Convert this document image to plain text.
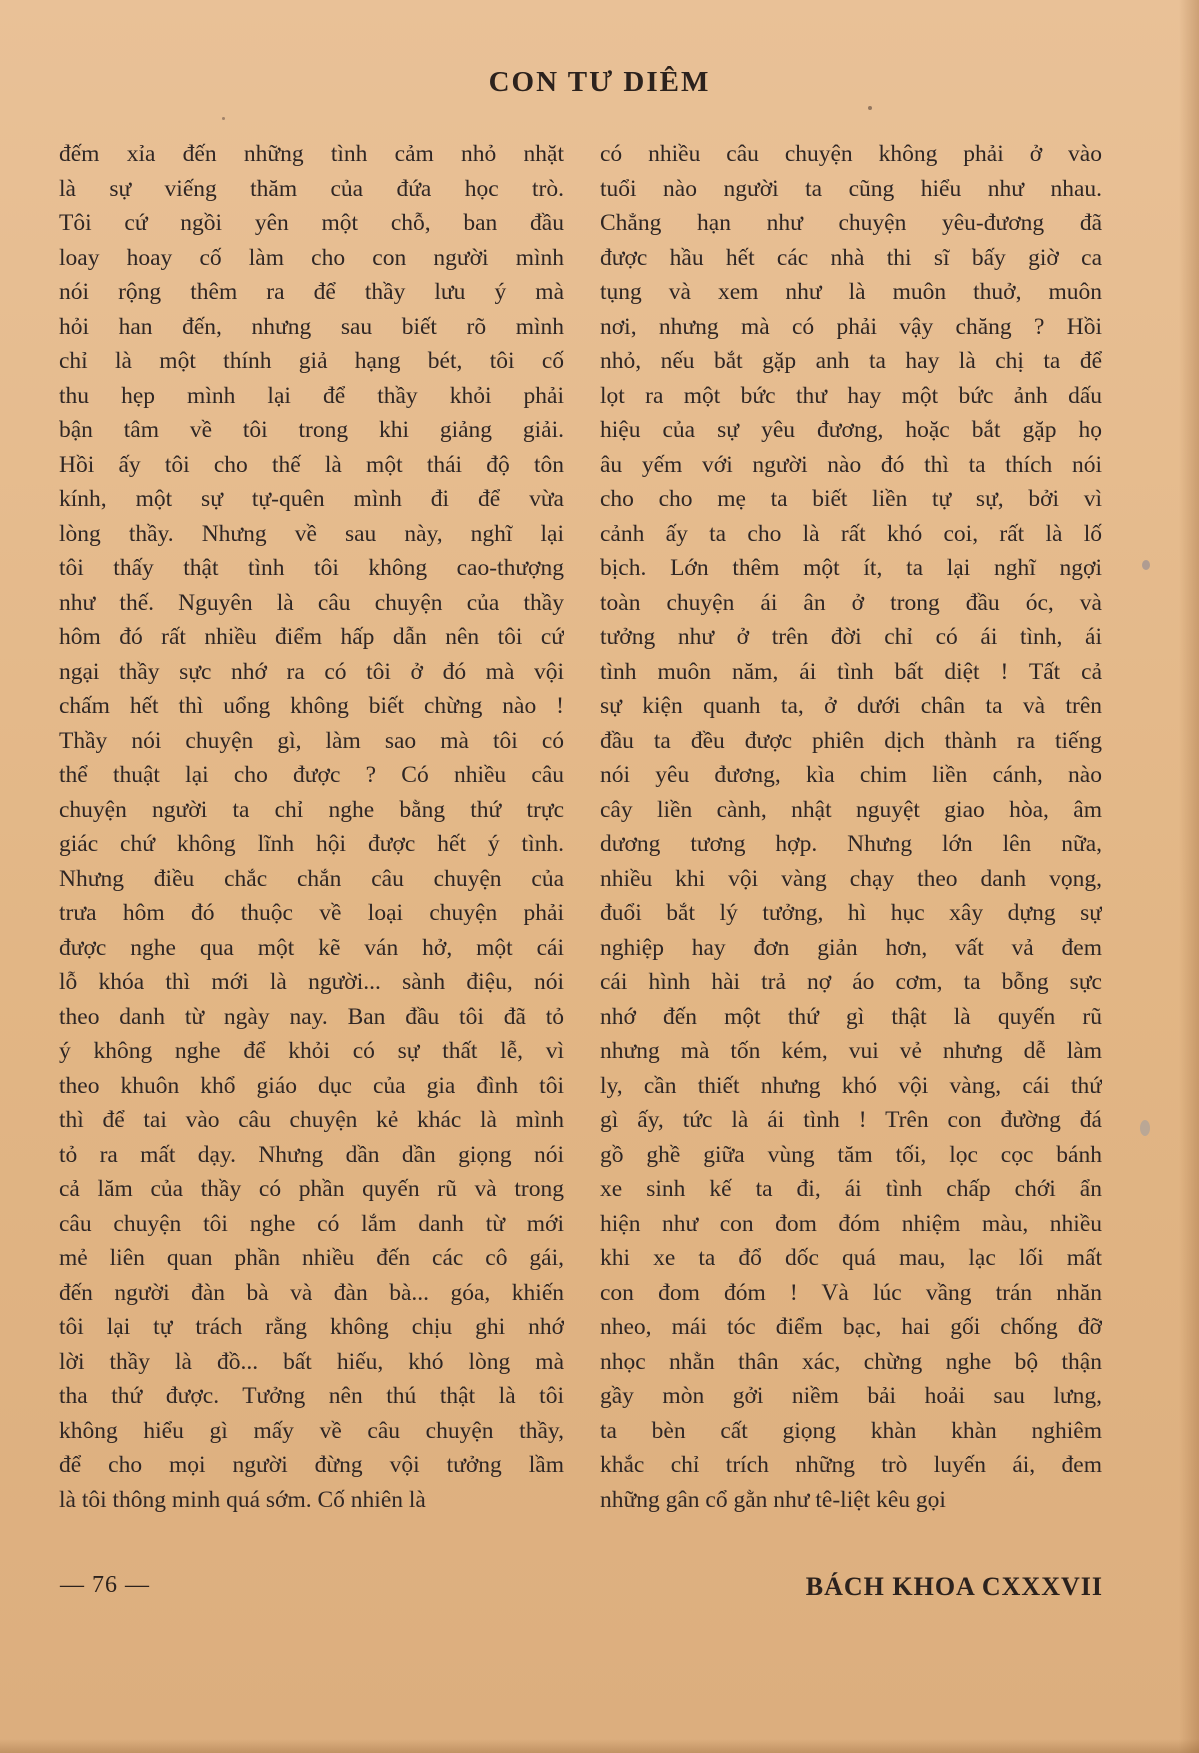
CON TƯ DIÊM
đếm xỉa đến những tình cảm nhỏ nhặt
là sự viếng thăm của đứa học trò.
Tôi cứ ngồi yên một chỗ, ban đầu
loay hoay cố làm cho con người mình
nói rộng thêm ra để thầy lưu ý mà
hỏi han đến, nhưng sau biết rõ mình
chỉ là một thính giả hạng bét, tôi cố
thu hẹp mình lại để thầy khỏi phải
bận tâm về tôi trong khi giảng giải.
Hồi ấy tôi cho thế là một thái độ tôn
kính, một sự tự-quên mình đi để vừa
lòng thầy. Nhưng về sau này, nghĩ lại
tôi thấy thật tình tôi không cao-thượng
như thế. Nguyên là câu chuyện của thầy
hôm đó rất nhiều điểm hấp dẫn nên tôi cứ
ngại thầy sực nhớ ra có tôi ở đó mà vội
chấm hết thì uổng không biết chừng nào !
Thầy nói chuyện gì, làm sao mà tôi có
thể thuật lại cho được ? Có nhiều câu
chuyện người ta chỉ nghe bằng thứ trực
giác chứ không lĩnh hội được hết ý tình.
Nhưng điều chắc chắn câu chuyện của
trưa hôm đó thuộc về loại chuyện phải
được nghe qua một kẽ ván hở, một cái
lỗ khóa thì mới là người... sành điệu, nói
theo danh từ ngày nay. Ban đầu tôi đã tỏ
ý không nghe để khỏi có sự thất lễ, vì
theo khuôn khổ giáo dục của gia đình tôi
thì để tai vào câu chuyện kẻ khác là mình
tỏ ra mất dạy. Nhưng dần dần giọng nói
cả lăm của thầy có phần quyến rũ và trong
câu chuyện tôi nghe có lắm danh từ mới
mẻ liên quan phần nhiều đến các cô gái,
đến người đàn bà và đàn bà... góa, khiến
tôi lại tự trách rằng không chịu ghi nhớ
lời thầy là đồ... bất hiếu, khó lòng mà
tha thứ được. Tưởng nên thú thật là tôi
không hiểu gì mấy về câu chuyện thầy,
để cho mọi người đừng vội tưởng lầm
là tôi thông minh quá sớm. Cố nhiên là
có nhiều câu chuyện không phải ở vào
tuổi nào người ta cũng hiểu như nhau.
Chẳng hạn như chuyện yêu-đương đã
được hầu hết các nhà thi sĩ bấy giờ ca
tụng và xem như là muôn thuở, muôn
nơi, nhưng mà có phải vậy chăng ? Hồi
nhỏ, nếu bắt gặp anh ta hay là chị ta để
lọt ra một bức thư hay một bức ảnh dấu
hiệu của sự yêu đương, hoặc bắt gặp họ
âu yếm với người nào đó thì ta thích nói
cho cho mẹ ta biết liền tự sự, bởi vì
cảnh ấy ta cho là rất khó coi, rất là lố
bịch. Lớn thêm một ít, ta lại nghĩ ngợi
toàn chuyện ái ân ở trong đầu óc, và
tưởng như ở trên đời chỉ có ái tình, ái
tình muôn năm, ái tình bất diệt ! Tất cả
sự kiện quanh ta, ở dưới chân ta và trên
đầu ta đều được phiên dịch thành ra tiếng
nói yêu đương, kìa chim liền cánh, nào
cây liền cành, nhật nguyệt giao hòa, âm
dương tương hợp. Nhưng lớn lên nữa,
nhiều khi vội vàng chạy theo danh vọng,
đuổi bắt lý tưởng, hì hục xây dựng sự
nghiệp hay đơn giản hơn, vất vả đem
cái hình hài trả nợ áo cơm, ta bỗng sực
nhớ đến một thứ gì thật là quyến rũ
nhưng mà tốn kém, vui vẻ nhưng dễ làm
ly, cần thiết nhưng khó vội vàng, cái thứ
gì ấy, tức là ái tình ! Trên con đường đá
gồ ghề giữa vùng tăm tối, lọc cọc bánh
xe sinh kế ta đi, ái tình chấp chới ẩn
hiện như con đom đóm nhiệm màu, nhiều
khi xe ta đổ dốc quá mau, lạc lối mất
con đom đóm ! Và lúc vầng trán nhăn
nheo, mái tóc điểm bạc, hai gối chống đỡ
nhọc nhằn thân xác, chừng nghe bộ thận
gầy mòn gởi niềm bải hoải sau lưng,
ta bèn cất giọng khàn khàn nghiêm
khắc chỉ trích những trò luyến ái, đem
những gân cổ gằn như tê-liệt kêu gọi
— 76 —	BÁCH KHOA CXXXVII
